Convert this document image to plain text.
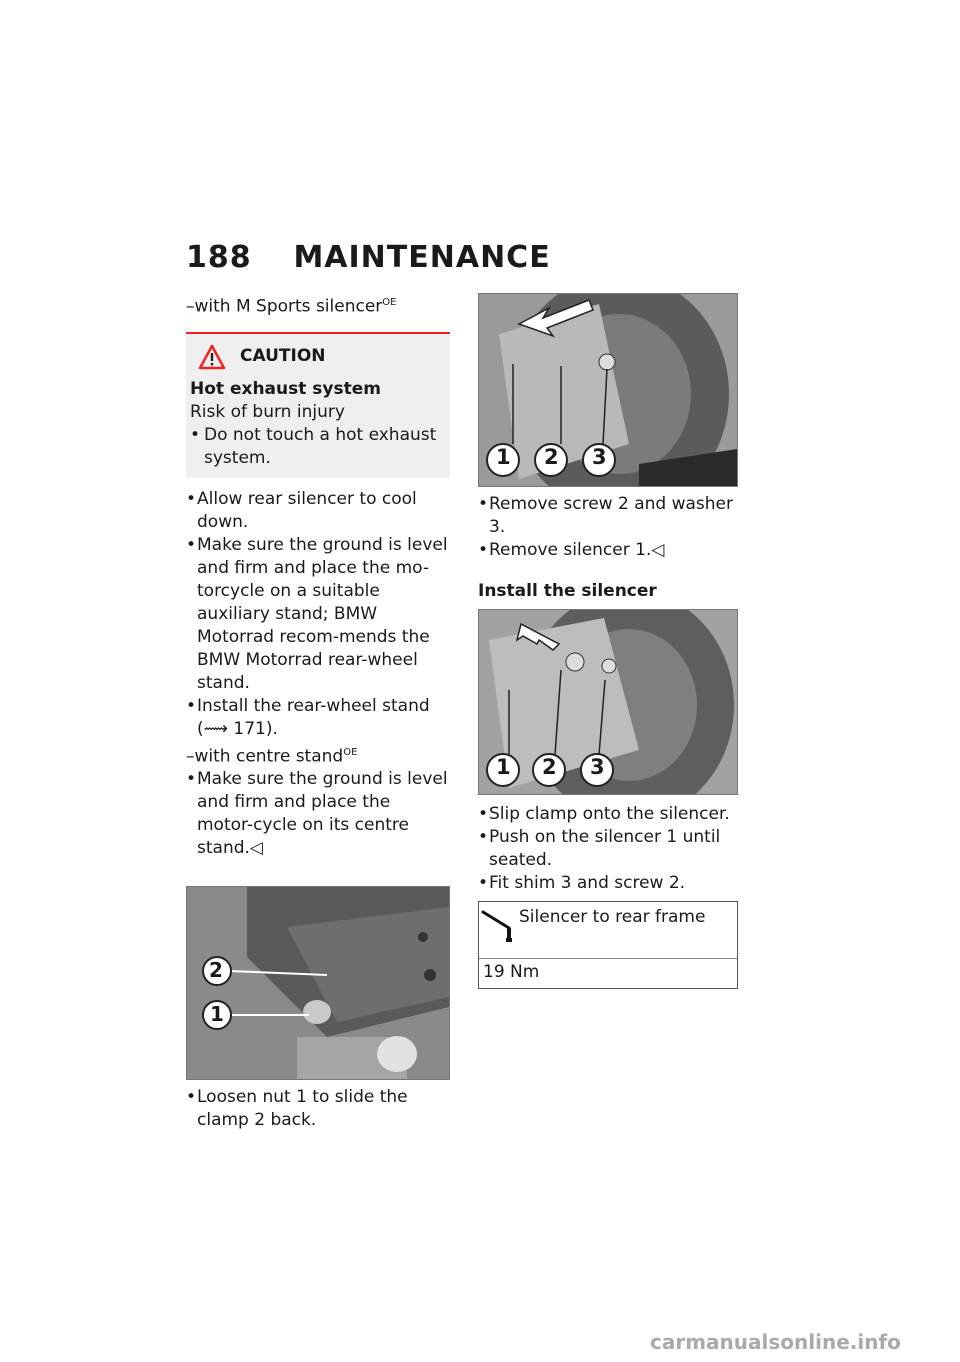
188 MAINTENANCE

–with M Sports silencer$^{OE}$

CAUTION
Hot exhaust system
Risk of burn injury
• Do not touch a hot exhaust system.
• Allow rear silencer to cool down.
• Make sure the ground is level and firm and place the mo-torcycle on a suitable auxiliary stand; BMW Motorrad recom-mends the BMW Motorrad rear-wheel stand.
• Install the rear-wheel stand (⟿ 171).

–with centre stand$^{OE}$

• Make sure the ground is level and firm and place the motor-cycle on its centre stand.◁
2
1
• Loosen nut 1 to slide the clamp 2 back.
1 2 3
• Remove screw 2 and washer 3.
• Remove silencer 1.◁
Install the silencer
1 2 3
• Slip clamp onto the silencer.
• Push on the silencer 1 until seated.
• Fit shim 3 and screw 2.
Silencer to rear frame
19 Nm
carmanualsonline.info
